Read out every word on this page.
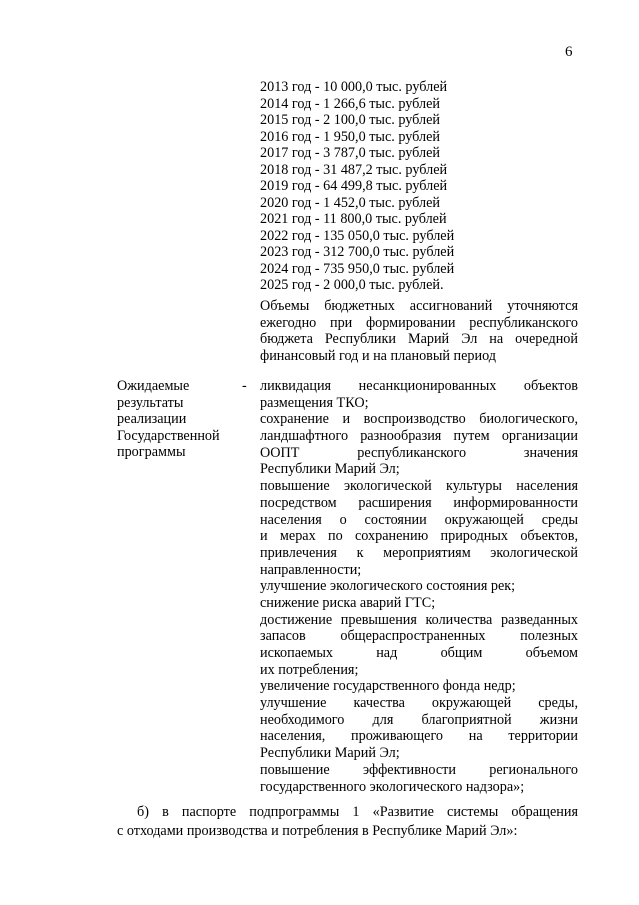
6
2013 год - 10 000,0 тыс. рублей
2014 год - 1 266,6 тыс. рублей
2015 год - 2 100,0 тыс. рублей
2016 год - 1 950,0 тыс. рублей
2017 год - 3 787,0 тыс. рублей
2018 год - 31 487,2 тыс. рублей
2019 год - 64 499,8 тыс. рублей
2020 год - 1 452,0 тыс. рублей
2021 год - 11 800,0 тыс. рублей
2022 год - 135 050,0 тыс. рублей
2023 год - 312 700,0 тыс. рублей
2024 год - 735 950,0 тыс. рублей
2025 год - 2 000,0 тыс. рублей.
Объемы бюджетных ассигнований уточняются ежегодно при формировании республиканского бюджета Республики Марий Эл на очередной финансовый год и на плановый период
Ожидаемые
результаты
реализации
Государственной
программы
- ликвидация несанкционированных объектов
размещения ТКО;
сохранение и воспроизводство биологического,
ландшафтного разнообразия путем организации
ООПТ республиканского значения
Республики Марий Эл;
повышение экологической культуры населения
посредством расширения информированности
населения о состоянии окружающей среды
и мерах по сохранению природных объектов,
привлечения к мероприятиям экологической
направленности;
улучшение экологического состояния рек;
снижение риска аварий ГТС;
достижение превышения количества разведанных
запасов общераспространенных полезных
ископаемых над общим объемом
их потребления;
увеличение государственного фонда недр;
улучшение качества окружающей среды,
необходимого для благоприятной жизни
населения, проживающего на территории
Республики Марий Эл;
повышение эффективности регионального
государственного экологического надзора»;
б) в паспорте подпрограммы 1 «Развитие системы обращения
с отходами производства и потребления в Республике Марий Эл»:
